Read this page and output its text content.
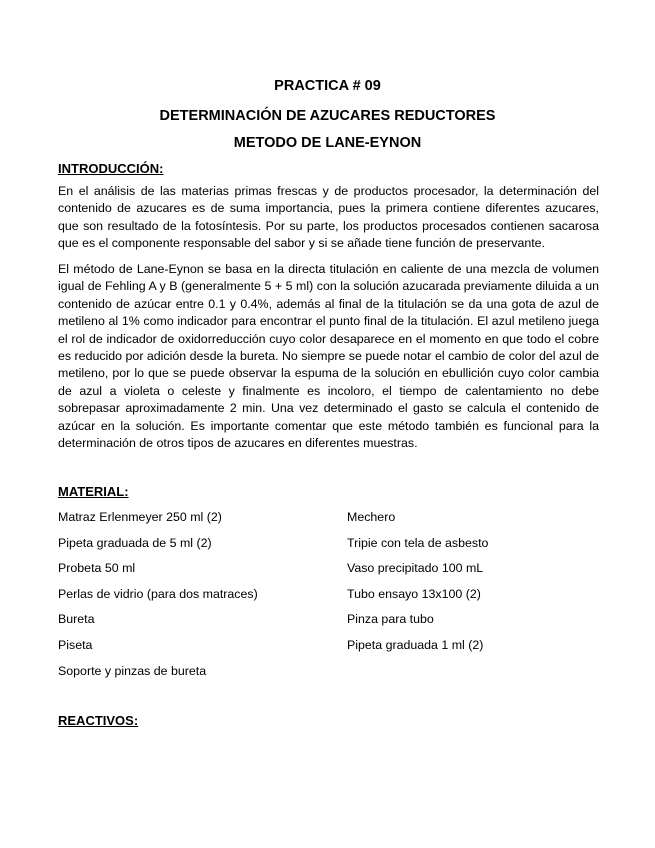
PRACTICA # 09
DETERMINACIÓN DE AZUCARES REDUCTORES
METODO DE LANE-EYNON
INTRODUCCIÓN:

En el análisis de las materias primas frescas y de productos procesador, la determinación del contenido de azucares es de suma importancia, pues la primera contiene diferentes azucares, que son resultado de la fotosíntesis. Por su parte, los productos procesados contienen sacarosa que es el componente responsable del sabor y si se añade tiene función de preservante.

El método de Lane-Eynon se basa en la directa titulación en caliente de una mezcla de volumen igual de Fehling A y B (generalmente 5 + 5 ml) con la solución azucarada previamente diluida a un contenido de azúcar entre 0.1 y 0.4%, además al final de la titulación se da una gota de azul de metileno al 1% como indicador para encontrar el punto final de la titulación. El azul metileno juega el rol de indicador de oxidorreducción cuyo color desaparece en el momento en que todo el cobre es reducido por adición desde la bureta. No siempre se puede notar el cambio de color del azul de metileno, por lo que se puede observar la espuma de la solución en ebullición cuyo color cambia de azul a violeta o celeste y finalmente es incoloro, el tiempo de calentamiento no debe sobrepasar aproximadamente 2 min. Una vez determinado el gasto se calcula el contenido de azúcar en la solución. Es importante comentar que este método también es funcional para la determinación de otros tipos de azucares en diferentes muestras.

MATERIAL:
Matraz Erlenmeyer 250 ml (2)
Pipeta graduada de 5 ml (2)
Probeta 50 ml
Perlas de vidrio (para dos matraces)
Bureta
Piseta
Soporte y pinzas de bureta
Mechero
Tripie con tela de asbesto
Vaso precipitado 100 mL
Tubo ensayo 13x100 (2)
Pinza para tubo
Pipeta graduada 1 ml (2)
REACTIVOS:
